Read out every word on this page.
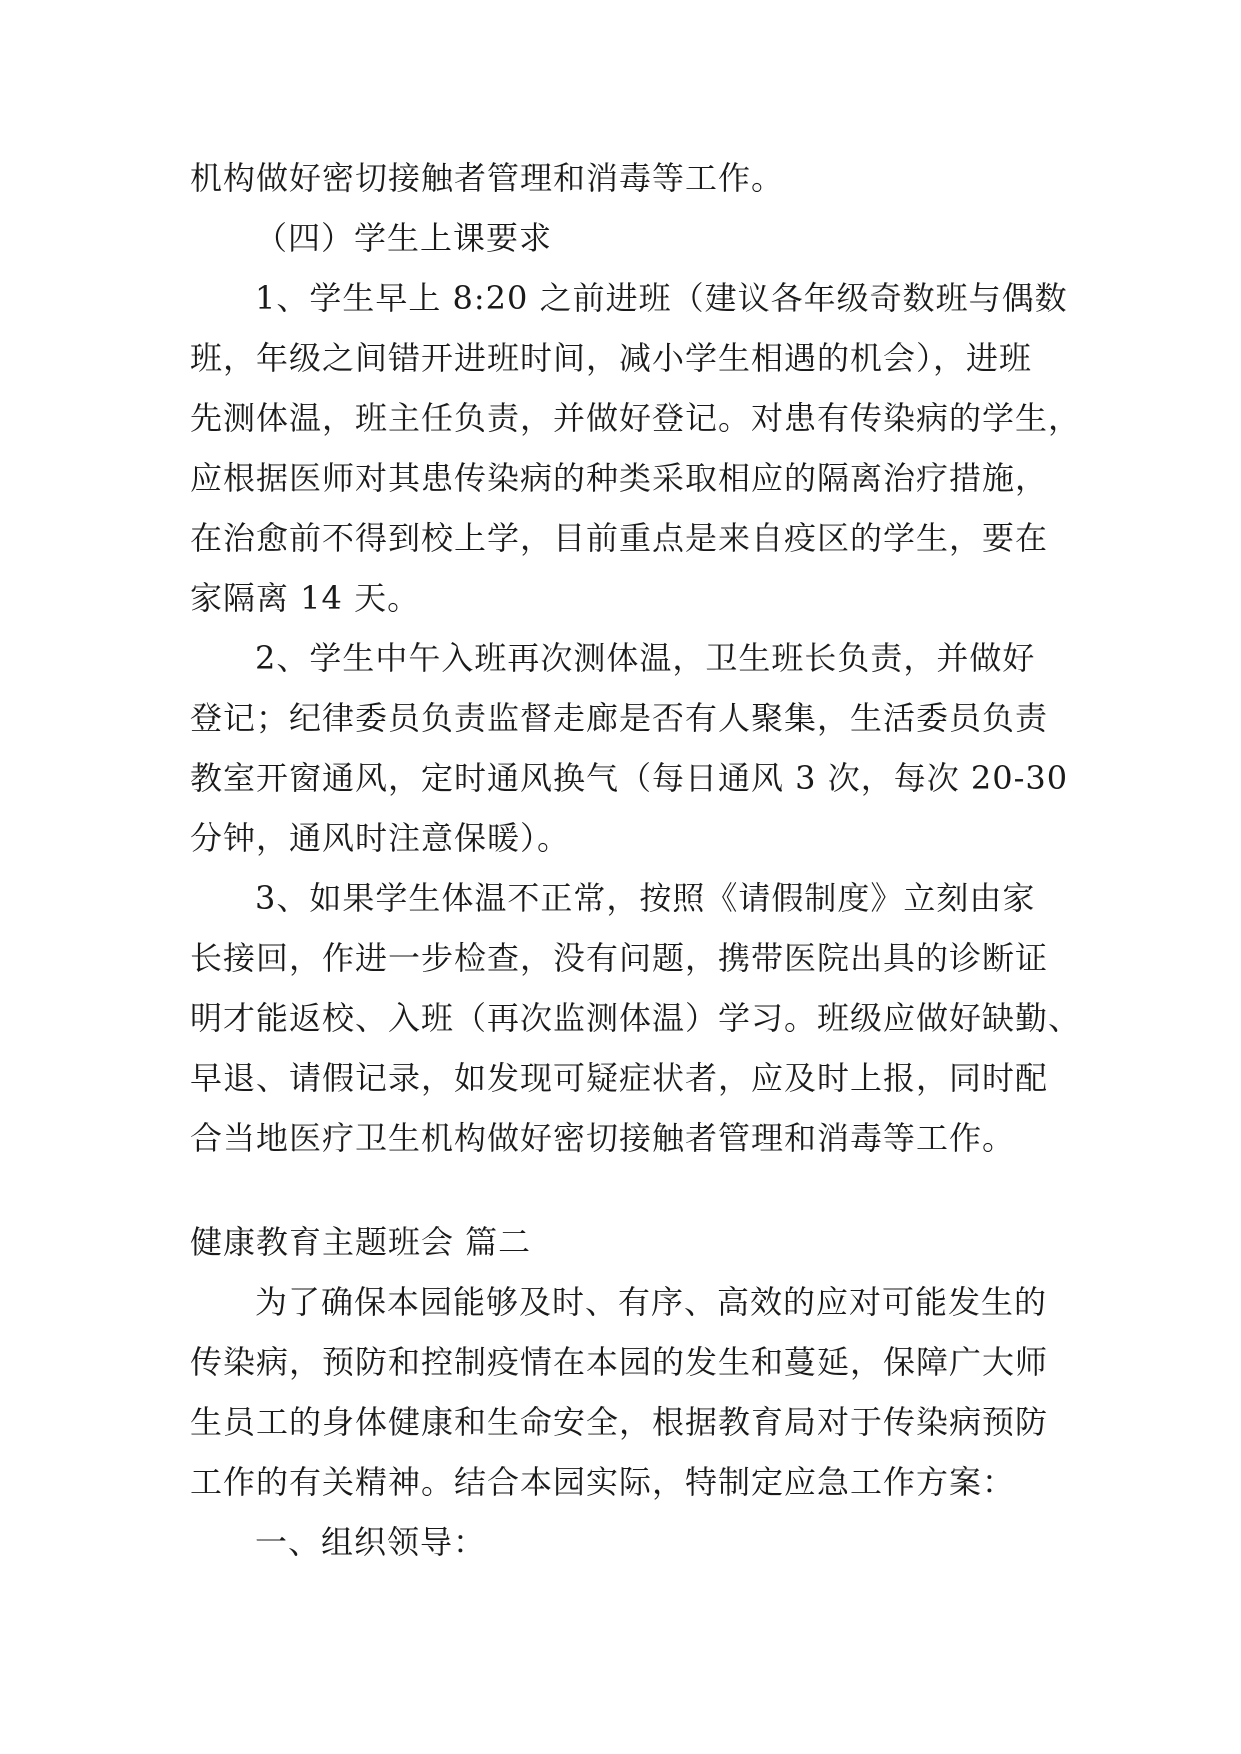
机构做好密切接触者管理和消毒等工作。
（四）学生上课要求
1、学生早上 8:20 之前进班（建议各年级奇数班与偶数
班，年级之间错开进班时间，减小学生相遇的机会），进班
先测体温，班主任负责，并做好登记。对患有传染病的学生，
应根据医师对其患传染病的种类采取相应的隔离治疗措施，
在治愈前不得到校上学，目前重点是来自疫区的学生，要在
家隔离 14 天。
2、学生中午入班再次测体温，卫生班长负责，并做好
登记；纪律委员负责监督走廊是否有人聚集，生活委员负责
教室开窗通风，定时通风换气（每日通风 3 次，每次 20-30
分钟，通风时注意保暖）。
3、如果学生体温不正常，按照《请假制度》立刻由家
长接回，作进一步检查，没有问题，携带医院出具的诊断证
明才能返校、入班（再次监测体温）学习。班级应做好缺勤、
早退、请假记录，如发现可疑症状者，应及时上报，同时配
合当地医疗卫生机构做好密切接触者管理和消毒等工作。
健康教育主题班会 篇二
为了确保本园能够及时、有序、高效的应对可能发生的
传染病，预防和控制疫情在本园的发生和蔓延，保障广大师
生员工的身体健康和生命安全，根据教育局对于传染病预防
工作的有关精神。结合本园实际，特制定应急工作方案：
一、组织领导：
